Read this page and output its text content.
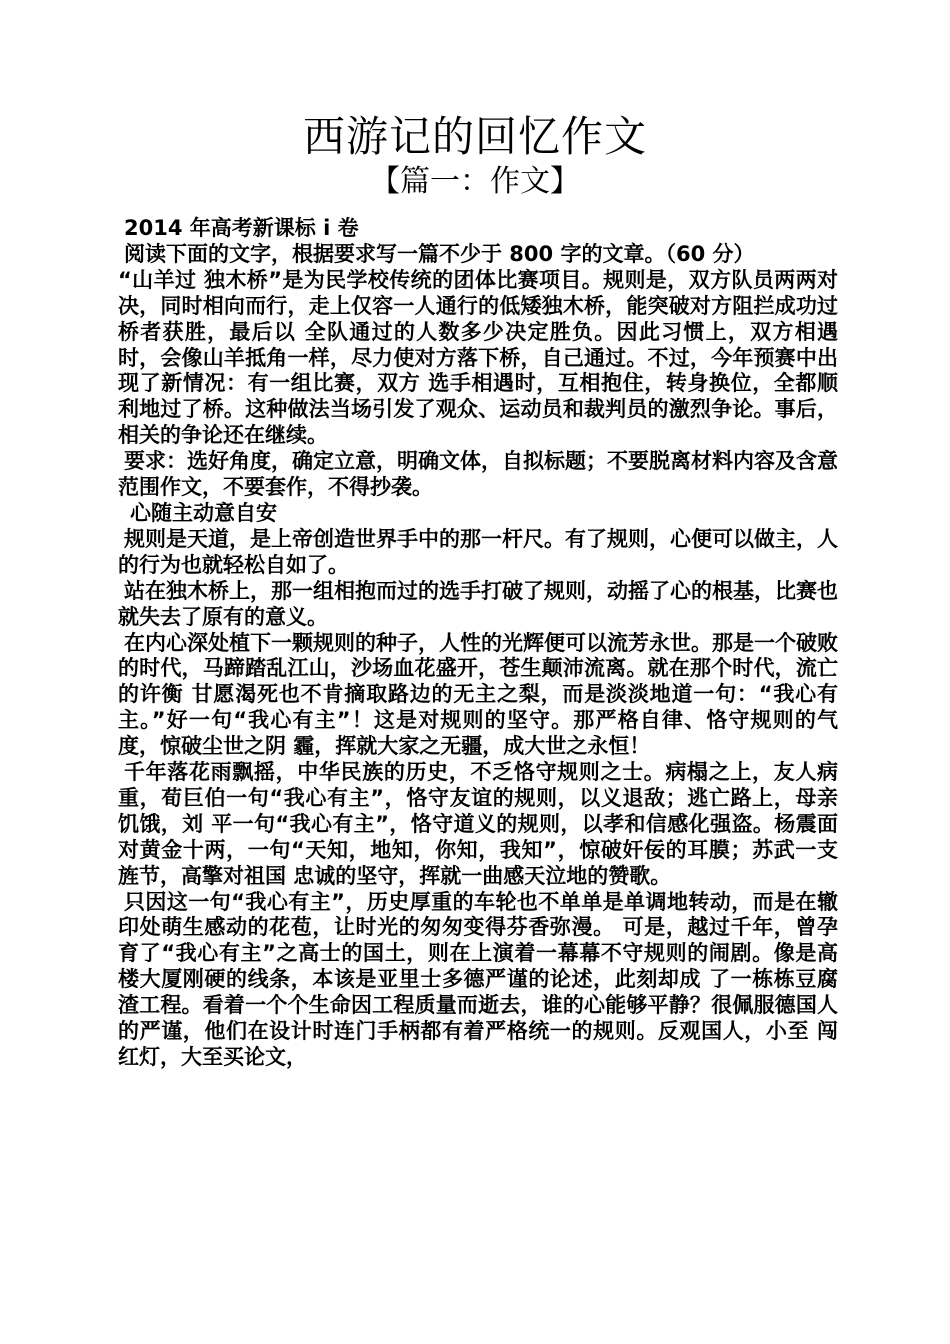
西游记的回忆作文
【篇一：作文】

2014 年高考新课标 i 卷

阅读下面的文字，根据要求写一篇不少于 800 字的文章。（60 分）

“山羊过 独木桥”是为民学校传统的团体比赛项目。规则是，双方队员两两对决，同时相向而行，走上仅容一人通行的低矮独木桥，能突破对方阻拦成功过桥者获胜，最后以 全队通过的人数多少决定胜负。因此习惯上，双方相遇时，会像山羊抵角一样，尽力使对方落下桥，自己通过。不过，今年预赛中出现了新情况：有一组比赛，双方 选手相遇时，互相抱住，转身换位，全都顺利地过了桥。这种做法当场引发了观众、运动员和裁判员的激烈争论。事后，相关的争论还在继续。

要求：选好角度，确定立意，明确文体，自拟标题；不要脱离材料内容及含意范围作文，不要套作，不得抄袭。

心随主动意自安

规则是天道，是上帝创造世界手中的那一杆尺。有了规则，心便可以做主，人的行为也就轻松自如了。

站在独木桥上，那一组相抱而过的选手打破了规则，动摇了心的根基，比赛也就失去了原有的意义。

在内心深处植下一颗规则的种子，人性的光辉便可以流芳永世。那是一个破败的时代，马蹄踏乱江山，沙场血花盛开，苍生颠沛流离。就在那个时代，流亡的许衡 甘愿渴死也不肯摘取路边的无主之梨，而是淡淡地道一句：“我心有主。”好一句“我心有主”！这是对规则的坚守。那严格自律、恪守规则的气度，惊破尘世之阴 霾，挥就大家之无疆，成大世之永恒！

千年落花雨飘摇，中华民族的历史，不乏恪守规则之士。病榻之上，友人病重，荀巨伯一句“我心有主”，恪守友谊的规则，以义退敌；逃亡路上，母亲饥饿，刘 平一句“我心有主”，恪守道义的规则，以孝和信感化强盗。杨震面对黄金十两，一句“天知，地知，你知，我知”，惊破奸佞的耳膜；苏武一支旌节，高擎对祖国 忠诚的坚守，挥就一曲感天泣地的赞歌。

只因这一句“我心有主”，历史厚重的车轮也不单单是单调地转动，而是在辙印处萌生感动的花苞，让时光的匆匆变得芬香弥漫。 可是，越过千年，曾孕育了“我心有主”之高士的国土，则在上演着一幕幕不守规则的闹剧。像是高楼大厦刚硬的线条，本该是亚里士多德严谨的论述，此刻却成 了一栋栋豆腐渣工程。看着一个个生命因工程质量而逝去，谁的心能够平静？很佩服德国人的严谨，他们在设计时连门手柄都有着严格统一的规则。反观国人，小至 闯红灯，大至买论文，
